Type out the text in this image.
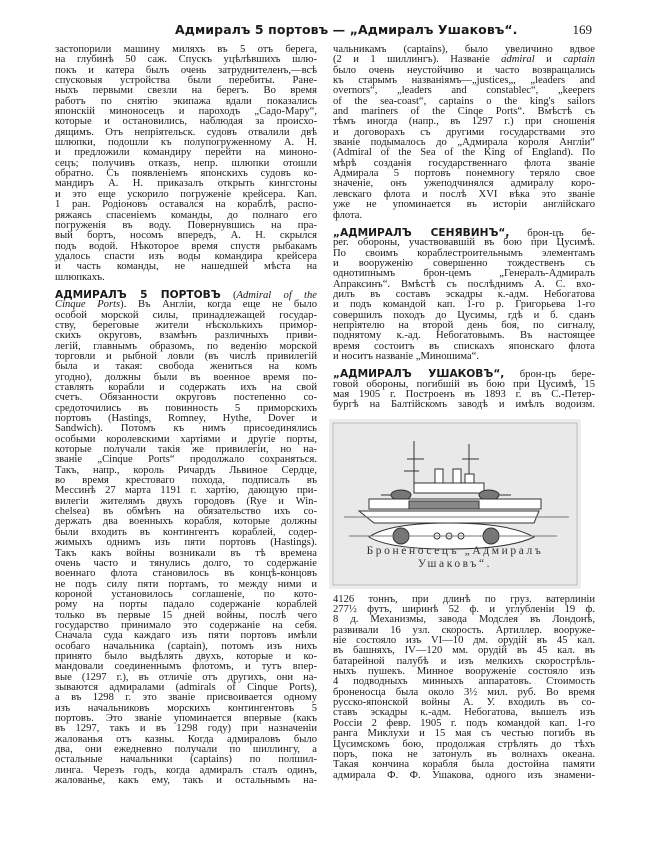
Адмиралъ 5 портовъ — „Адмиралъ Ушаковъ“.	169
застопорили машину миляхъ въ 5 отъ берега,
на глубинѣ 50 саж. Спускъ уцѣлѣвшихъ шлю-
покъ и катера былъ очень затруднителенъ,—всѣ
спусковыя устройства были перебиты. Ране-
ныхъ первыми свезли на берегъ. Во время
работъ по снятію экипажа вдали показались
японскій миноносецъ и пароходъ „Садо-Мару“,
которые и остановились, наблюдая за происхо-
дящимъ. Отъ непріятельск. судовъ отвалили двѣ
шлюпки, подошли къ полупогруженному А. Н.
и предложили командиру перейти на миноно-
сецъ; получивъ отказъ, непр. шлюпки отошли
обратно. Съ появленіемъ японскихъ судовъ ко-
мандиръ А. Н. приказалъ открыть кингстоны
и это еще ускорило погруженіе крейсера. Кап.
1 ран. Родіоновъ оставался на кораблѣ, распо-
ряжаясь спасеніемъ команды, до полнаго его
погруженія въ воду. Повернувшись на пра-
вый бортъ, носомъ впередъ, А. Н. скрылся
подъ водой. Нѣкоторое время спустя рыбакамъ
удалось спасти изъ воды командира крейсера
и часть команды, не нашедшей мѣста на
шлюпкахъ.
АДМИРАЛЪ 5 ПОРТОВЪ (Admiral of the
Cinque Ports). Въ Англіи, когда еще не было
особой морской силы, принадлежащей государ-
ству, береговые жители нѣсколькихъ примор-
скихъ округовъ, взамѣнъ различныхъ приви-
легій, главнымъ образомъ, по веденію морской
торговли и рыбной ловли (въ числѣ привилегій
была и такая: свобода жениться на комъ
угодно), должны были въ военное время по-
ставлять корабли и содержать ихъ на свой
счетъ. Обязанности округовъ постепенно со-
средоточились въ повинность 5 приморскихъ
портовъ (Hastings, Romney, Hythe, Dover и
Sandwich). Потомъ къ нимъ присоединялись
особыми королевскими хартіями и другіе порты,
которые получали такія же привилегіи, но на-
званіе „Cinque Ports“ продолжало сохраняться.
Такъ, напр., король Ричардъ Львиное Сердце,
во время крестоваго похода, подписалъ въ
Мессинѣ 27 марта 1191 г. хартію, дающую при-
вилегіи жителямъ двухъ городовъ (Rye и Win-
chelsea) въ обмѣнъ на обязательство ихъ со-
держать два военныхъ корабля, которые должны
были входить въ контингентъ кораблей, содер-
жимыхъ однимъ изъ пяти портовъ (Hastings).
Такъ какъ войны возникали въ тѣ времена
очень часто и тянулись долго, то содержаніе
военнаго флота становилось въ концѣ-концовъ
не подъ силу пяти портамъ, то между ними и
короной установилось соглашеніе, по кото-
рому на порты падало содержаніе кораблей
только въ первые 15 дней войны, послѣ чего
государство принимало это содержаніе на себя.
Сначала суда каждаго изъ пяти портовъ имѣли
особаго начальника (captain), потомъ изъ нихъ
принято было выдѣлять двухъ, которые и ко-
мандовали соединеннымъ флотомъ, и тутъ впер-
вые (1297 г.), въ отличіе отъ другихъ, они на-
зываются адмиралами (admirals of Cinque Ports),
а въ 1298 г. это званіе присвоивается одному
изъ начальниковъ морскихъ контингентовъ 5
портовъ. Это званіе упоминается впервые (какъ
въ 1297, такъ и въ 1298 году) при назначеніи
жалованья отъ казны. Когда адмираловъ было
два, они ежедневно получали по шиллингу, а
остальные начальники (captains) по полшил-
линга. Черезъ годъ, когда адмиралъ сталъ одинъ,
жалованье, какъ ему, такъ и остальнымъ на-
чальникамъ (captains), было увеличино вдвое
(2 и 1 шиллингъ). Названіе admiral и captain
было очень неустойчиво и часто возвращались
къ старымъ названіямъ—„justices„, „leaders and
overnors“, „leaders and constablec“, „keepers
of the sea-coast“, captains o the king's sailors
and mariners of the Cinqe Ports“. Вмѣстѣ съ
тѣмъ иногда (напр., въ 1297 г.) при сношенія
и договорахъ съ другими государствами это
званіе подымалось до „Адмирала короля Англіи“
(Admiral of the Sea of the King of England). По
мѣрѣ созданія государственнаго флота званіе
Адмирала 5 портовъ понемногу теряло свое
значеніе, онъ ужеподчинялся адмиралу коро-
левскаго флота и послѣ XVI вѣка это званіе
уже не упоминается въ исторіи англійскаго
флота.
„АДМИРАЛЪ СЕНЯВИНЪ“, брон-цъ бе-
рег. обороны, участвовавшій въ бою при Цусимѣ.
По своимъ кораблестроительнымъ элементамъ
и вооруженію совершенно тождественъ съ
однотипнымъ брон-цемъ „Генералъ-Адмиралъ
Апраксинъ“. Вмѣстѣ съ послѣднимъ А. С. вхо-
дилъ въ составъ эскадры к.-адм. Небогатова
и подъ командой кап. 1-го р. Григорьева 1-го
совершилъ походъ до Цусимы, гдѣ и б. сданъ
непріятелю на второй день боя, по сигналу,
поднятому к.-ад. Небогатовымъ. Въ настоящее
время состоитъ въ спискахъ японскаго флота
и носитъ названіе „Миношима“.
„АДМИРАЛЪ УШАКОВЪ“, брон-цъ бере-
говой обороны, погибшій въ бою при Цусимѣ, 15
мая 1905 г. Построенъ въ 1893 г. въ С.-Петер-
бургѣ на Балтійскомъ заводѣ и имѣлъ водоизм.
Броненосецъ „Адмиралъ
Ушаковъ“.
4126 тоннъ, при длинѣ по груз. ватерлиніи
277½ футъ, ширинѣ 52 ф. и углубленіи 19 ф.
8 д. Механизмы, завода Модслея въ Лондонѣ,
развивали 16 узл. скорость. Артиллер. вооруже-
ніе состояло изъ VI—10 дм. орудій въ 45 кал.
въ башняхъ, IV—120 мм. орудій въ 45 кал. въ
батарейной палубѣ и изъ мелкихъ скорострѣль-
ныхъ пушекъ. Минное вооруженіе состояло изъ
4 подводныхъ минныхъ аппаратовъ. Стоимость
броненосца была около 3½ мил. руб. Во время
русско-японской войны А. У. входилъ въ со-
ставъ эскадры к.-адм. Небогатова, вышелъ изъ
Россіи 2 февр. 1905 г. подъ командой кап. 1-го
ранга Миклухи и 15 мая съ честью погибъ въ
Цусимскомъ бою, продолжая стрѣлять до тѣхъ
поръ, пока не затонулъ въ волнахъ океана.
Такая кончина корабля была достойна памяти
адмирала Ф. Ф. Ушакова, одного изъ знамени-
